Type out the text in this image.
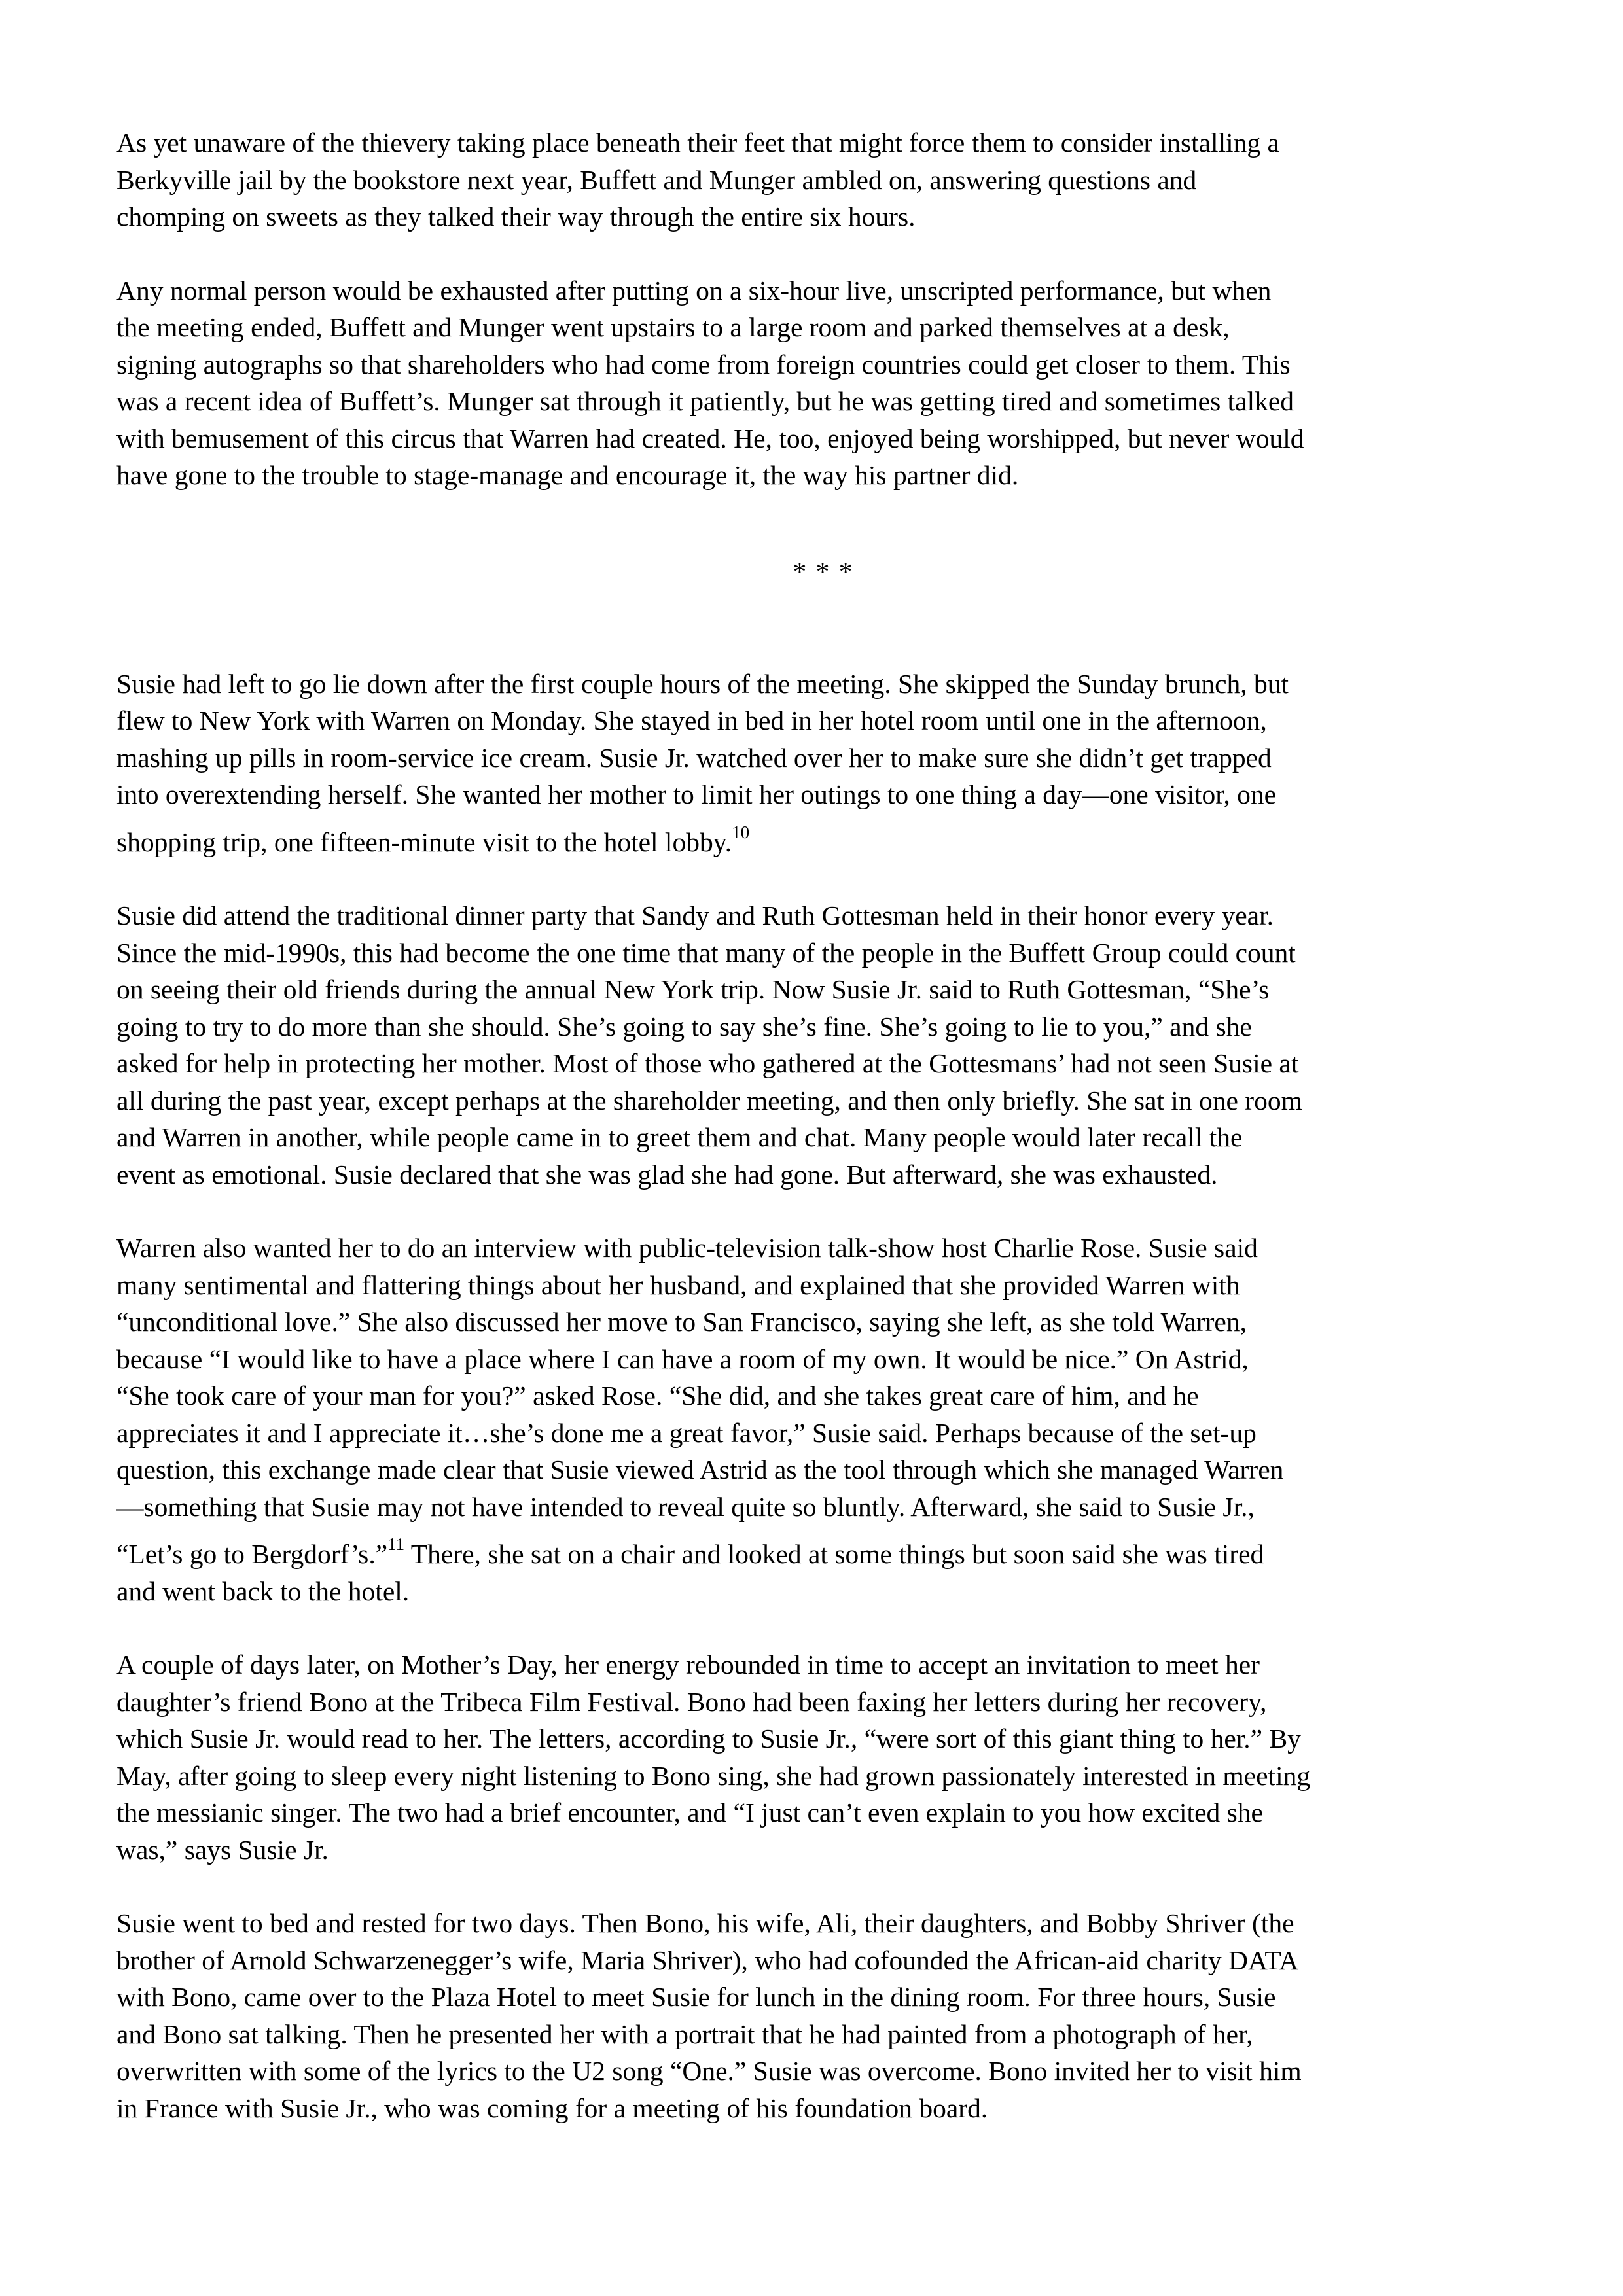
As yet unaware of the thievery taking place beneath their feet that might force them to consider installing a
Berkyville jail by the bookstore next year, Buffett and Munger ambled on, answering questions and
chomping on sweets as they talked their way through the entire six hours.

Any normal person would be exhausted after putting on a six-hour live, unscripted performance, but when
the meeting ended, Buffett and Munger went upstairs to a large room and parked themselves at a desk,
signing autographs so that shareholders who had come from foreign countries could get closer to them. This
was a recent idea of Buffett’s. Munger sat through it patiently, but he was getting tired and sometimes talked
with bemusement of this circus that Warren had created. He, too, enjoyed being worshipped, but never would
have gone to the trouble to stage-manage and encourage it, the way his partner did.

* * *

Susie had left to go lie down after the first couple hours of the meeting. She skipped the Sunday brunch, but
flew to New York with Warren on Monday. She stayed in bed in her hotel room until one in the afternoon,
mashing up pills in room-service ice cream. Susie Jr. watched over her to make sure she didn’t get trapped
into overextending herself. She wanted her mother to limit her outings to one thing a day—one visitor, one
shopping trip, one fifteen-minute visit to the hotel lobby.$^{10}$

Susie did attend the traditional dinner party that Sandy and Ruth Gottesman held in their honor every year.
Since the mid-1990s, this had become the one time that many of the people in the Buffett Group could count
on seeing their old friends during the annual New York trip. Now Susie Jr. said to Ruth Gottesman, “She’s
going to try to do more than she should. She’s going to say she’s fine. She’s going to lie to you,” and she
asked for help in protecting her mother. Most of those who gathered at the Gottesmans’ had not seen Susie at
all during the past year, except perhaps at the shareholder meeting, and then only briefly. She sat in one room
and Warren in another, while people came in to greet them and chat. Many people would later recall the
event as emotional. Susie declared that she was glad she had gone. But afterward, she was exhausted.

Warren also wanted her to do an interview with public-television talk-show host Charlie Rose. Susie said
many sentimental and flattering things about her husband, and explained that she provided Warren with
“unconditional love.” She also discussed her move to San Francisco, saying she left, as she told Warren,
because “I would like to have a place where I can have a room of my own. It would be nice.” On Astrid,
“She took care of your man for you?” asked Rose. “She did, and she takes great care of him, and he
appreciates it and I appreciate it…she’s done me a great favor,” Susie said. Perhaps because of the set-up
question, this exchange made clear that Susie viewed Astrid as the tool through which she managed Warren
—something that Susie may not have intended to reveal quite so bluntly. Afterward, she said to Susie Jr.,
“Let’s go to Bergdorf’s.”$^{11}$ There, she sat on a chair and looked at some things but soon said she was tired
and went back to the hotel.

A couple of days later, on Mother’s Day, her energy rebounded in time to accept an invitation to meet her
daughter’s friend Bono at the Tribeca Film Festival. Bono had been faxing her letters during her recovery,
which Susie Jr. would read to her. The letters, according to Susie Jr., “were sort of this giant thing to her.” By
May, after going to sleep every night listening to Bono sing, she had grown passionately interested in meeting
the messianic singer. The two had a brief encounter, and “I just can’t even explain to you how excited she
was,” says Susie Jr.

Susie went to bed and rested for two days. Then Bono, his wife, Ali, their daughters, and Bobby Shriver (the
brother of Arnold Schwarzenegger’s wife, Maria Shriver), who had cofounded the African-aid charity DATA
with Bono, came over to the Plaza Hotel to meet Susie for lunch in the dining room. For three hours, Susie
and Bono sat talking. Then he presented her with a portrait that he had painted from a photograph of her,
overwritten with some of the lyrics to the U2 song “One.” Susie was overcome. Bono invited her to visit him
in France with Susie Jr., who was coming for a meeting of his foundation board.
